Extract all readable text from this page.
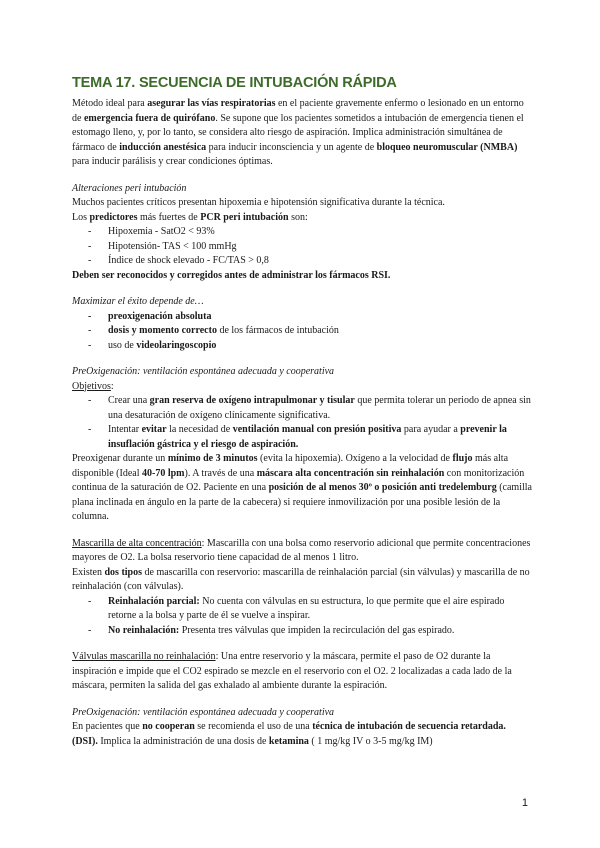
TEMA 17. SECUENCIA DE INTUBACIÓN RÁPIDA

Método ideal para asegurar las vías respiratorias en el paciente gravemente enfermo o lesionado en un entorno de emergencia fuera de quirófano. Se supone que los pacientes sometidos a intubación de emergencia tienen el estomago lleno, y, por lo tanto, se considera alto riesgo de aspiración. Implica administración simultánea de fármaco de inducción anestésica para inducir inconsciencia y un agente de bloqueo neuromuscular (NMBA) para inducir parálisis y crear condiciones óptimas.

Alteraciones peri intubación

Muchos pacientes críticos presentan hipoxemia e hipotensión significativa durante la técnica.

Los predictores más fuertes de PCR peri intubación son:

- Hipoxemia - SatO2 < 93%
- Hipotensión- TAS < 100 mmHg
- Índice de shock elevado - FC/TAS > 0,8

Deben ser reconocidos y corregidos antes de administrar los fármacos RSI.

Maximizar el éxito depende de…

- preoxigenación absoluta
- dosis y momento correcto de los fármacos de intubación
- uso de videolaringoscopio

PreOxigenación: ventilación espontánea adecuada y cooperativa

Objetivos:

- Crear una gran reserva de oxígeno intrapulmonar y tisular que permita tolerar un periodo de apnea sin una desaturación de oxígeno clínicamente significativa.
- Intentar evitar la necesidad de ventilación manual con presión positiva para ayudar a prevenir la insuflación gástrica y el riesgo de aspiración.

Preoxigenar durante un mínimo de 3 minutos (evita la hipoxemia). Oxígeno a la velocidad de flujo más alta disponible (Ideal 40-70 lpm). A través de una máscara alta concentración sin reinhalación con monitorización continua de la saturación de O2. Paciente en una posición de al menos 30º o posición anti tredelemburg (camilla plana inclinada en ángulo en la parte de la cabecera) si requiere inmovilización por una posible lesión de la columna.

Mascarilla de alta concentración: Mascarilla con una bolsa como reservorio adicional que permite concentraciones mayores de O2. La bolsa reservorio tiene capacidad de al menos 1 litro.

Existen dos tipos de mascarilla con reservorio: mascarilla de reinhalación parcial (sin válvulas) y mascarilla de no reinhalación (con válvulas).

- Reinhalación parcial: No cuenta con válvulas en su estructura, lo que permite que el aire espirado retorne a la bolsa y parte de él se vuelve a inspirar.
- No reinhalación: Presenta tres válvulas que impiden la recirculación del gas espirado.

Válvulas mascarilla no reinhalación: Una entre reservorio y la máscara, permite el paso de O2 durante la inspiración e impide que el CO2 espirado se mezcle en el reservorio con el O2. 2 localizadas a cada lado de la máscara, permiten la salida del gas exhalado al ambiente durante la espiración.

PreOxigenación: ventilación espontánea adecuada y cooperativa

En pacientes que no cooperan se recomienda el uso de una técnica de intubación de secuencia retardada. (DSI). Implica la administración de una dosis de ketamina ( 1 mg/kg IV o 3-5 mg/kg IM)

1
